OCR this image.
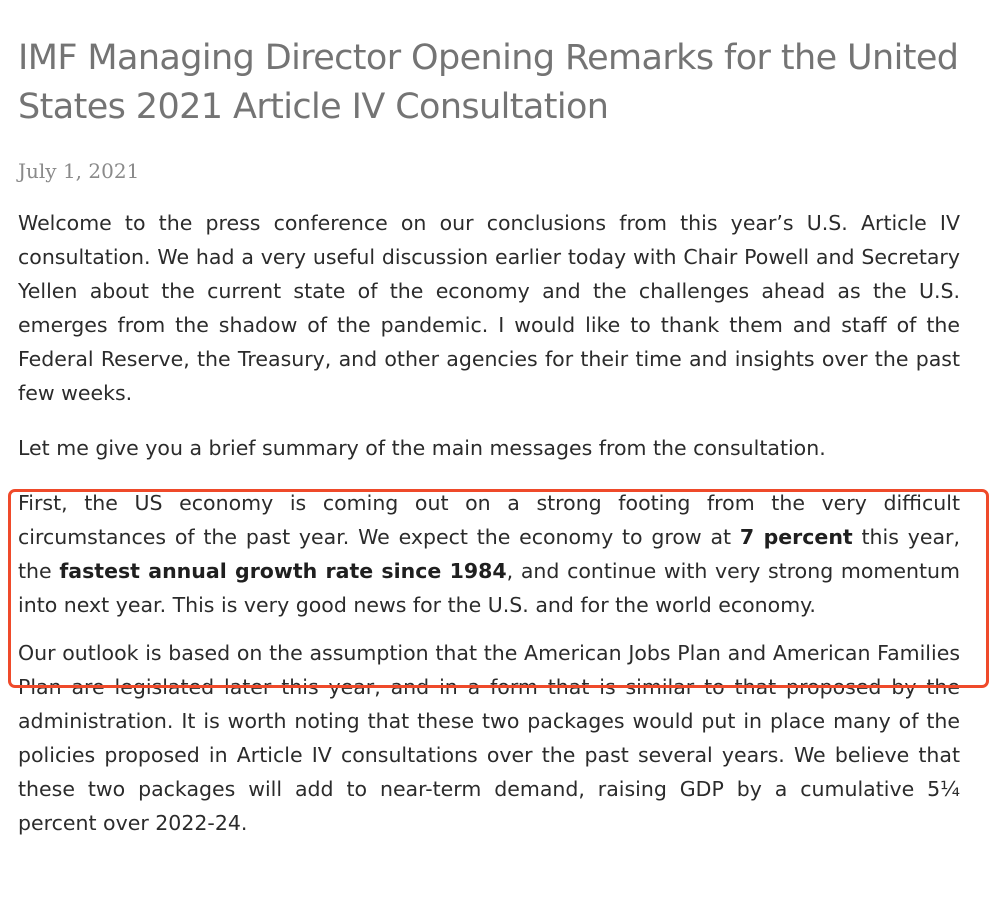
IMF Managing Director Opening Remarks for the United States 2021 Article IV Consultation
July 1, 2021

Welcome to the press conference on our conclusions from this year’s U.S. Article IV consultation. We had a very useful discussion earlier today with Chair Powell and Secretary Yellen about the current state of the economy and the challenges ahead as the U.S. emerges from the shadow of the pandemic. I would like to thank them and staff of the Federal Reserve, the Treasury, and other agencies for their time and insights over the past few weeks.

Let me give you a brief summary of the main messages from the consultation.

First, the US economy is coming out on a strong footing from the very difficult circumstances of the past year. We expect the economy to grow at 7 percent this year, the fastest annual growth rate since 1984, and continue with very strong momentum into next year. This is very good news for the U.S. and for the world economy.

Our outlook is based on the assumption that the American Jobs Plan and American Families Plan are legislated later this year, and in a form that is similar to that proposed by the administration. It is worth noting that these two packages would put in place many of the policies proposed in Article IV consultations over the past several years. We believe that these two packages will add to near-term demand, raising GDP by a cumulative 5¼ percent over 2022-24.
